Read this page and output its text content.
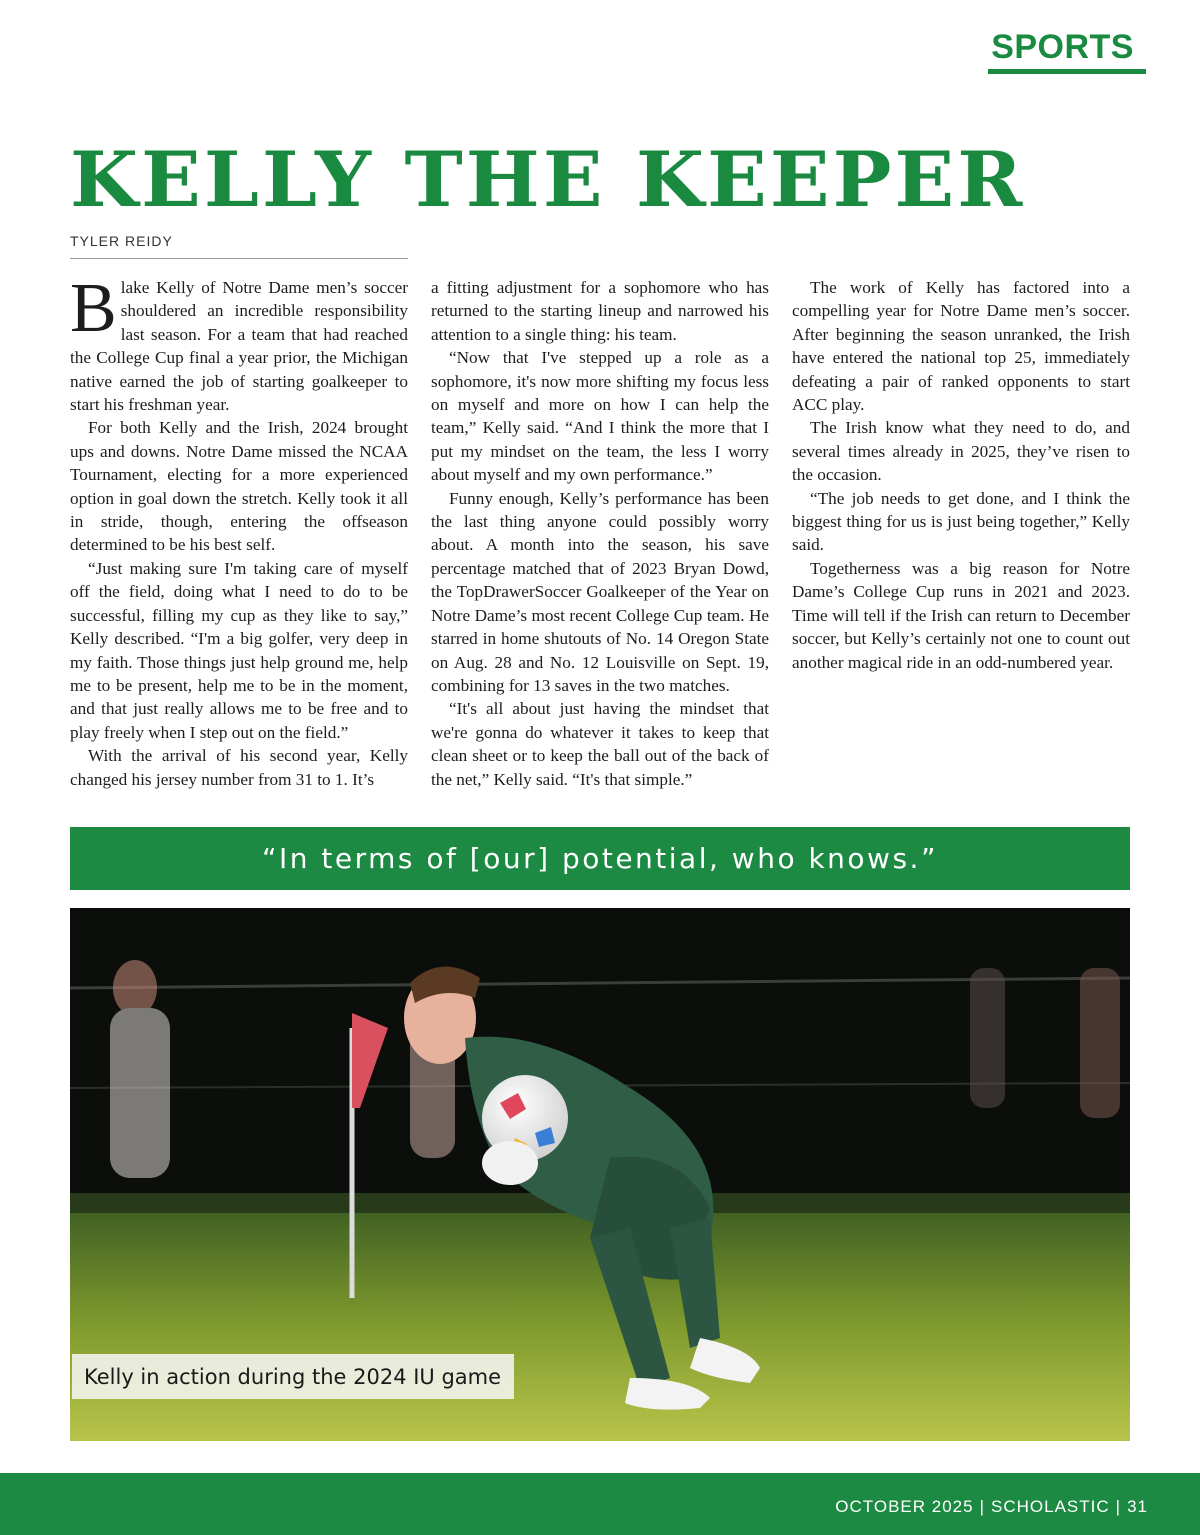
SPORTS
KELLY THE KEEPER
TYLER REIDY

Blake Kelly of Notre Dame men’s soccer shouldered an incredible responsibility last season. For a team that had reached the College Cup final a year prior, the Michigan native earned the job of starting goalkeeper to start his freshman year.

For both Kelly and the Irish, 2024 brought ups and downs. Notre Dame missed the NCAA Tournament, electing for a more experienced option in goal down the stretch. Kelly took it all in stride, though, entering the offseason determined to be his best self.

“Just making sure I'm taking care of myself off the field, doing what I need to do to be successful, filling my cup as they like to say,” Kelly described. “I'm a big golfer, very deep in my faith. Those things just help ground me, help me to be present, help me to be in the moment, and that just really allows me to be free and to play freely when I step out on the field.”

With the arrival of his second year, Kelly changed his jersey number from 31 to 1. It’s

a fitting adjustment for a sophomore who has returned to the starting lineup and narrowed his attention to a single thing: his team.

“Now that I've stepped up a role as a sophomore, it's now more shifting my focus less on myself and more on how I can help the team,” Kelly said. “And I think the more that I put my mindset on the team, the less I worry about myself and my own performance.”

Funny enough, Kelly’s performance has been the last thing anyone could possibly worry about. A month into the season, his save percentage matched that of 2023 Bryan Dowd, the TopDrawerSoccer Goalkeeper of the Year on Notre Dame’s most recent College Cup team. He starred in home shutouts of No. 14 Oregon State on Aug. 28 and No. 12 Louisville on Sept. 19, combining for 13 saves in the two matches.

“It's all about just having the mindset that we're gonna do whatever it takes to keep that clean sheet or to keep the ball out of the back of the net,” Kelly said. “It's that simple.”

The work of Kelly has factored into a compelling year for Notre Dame men’s soccer. After beginning the season unranked, the Irish have entered the national top 25, immediately defeating a pair of ranked opponents to start ACC play.

The Irish know what they need to do, and several times already in 2025, they’ve risen to the occasion.

“The job needs to get done, and I think the biggest thing for us is just being together,” Kelly said.

Togetherness was a big reason for Notre Dame’s College Cup runs in 2021 and 2023. Time will tell if the Irish can return to December soccer, but Kelly’s certainly not one to count out another magical ride in an odd-numbered year.

“In terms of [our] potential, who knows.”
Kelly in action during the 2024 IU game
OCTOBER 2025 | SCHOLASTIC | 31
